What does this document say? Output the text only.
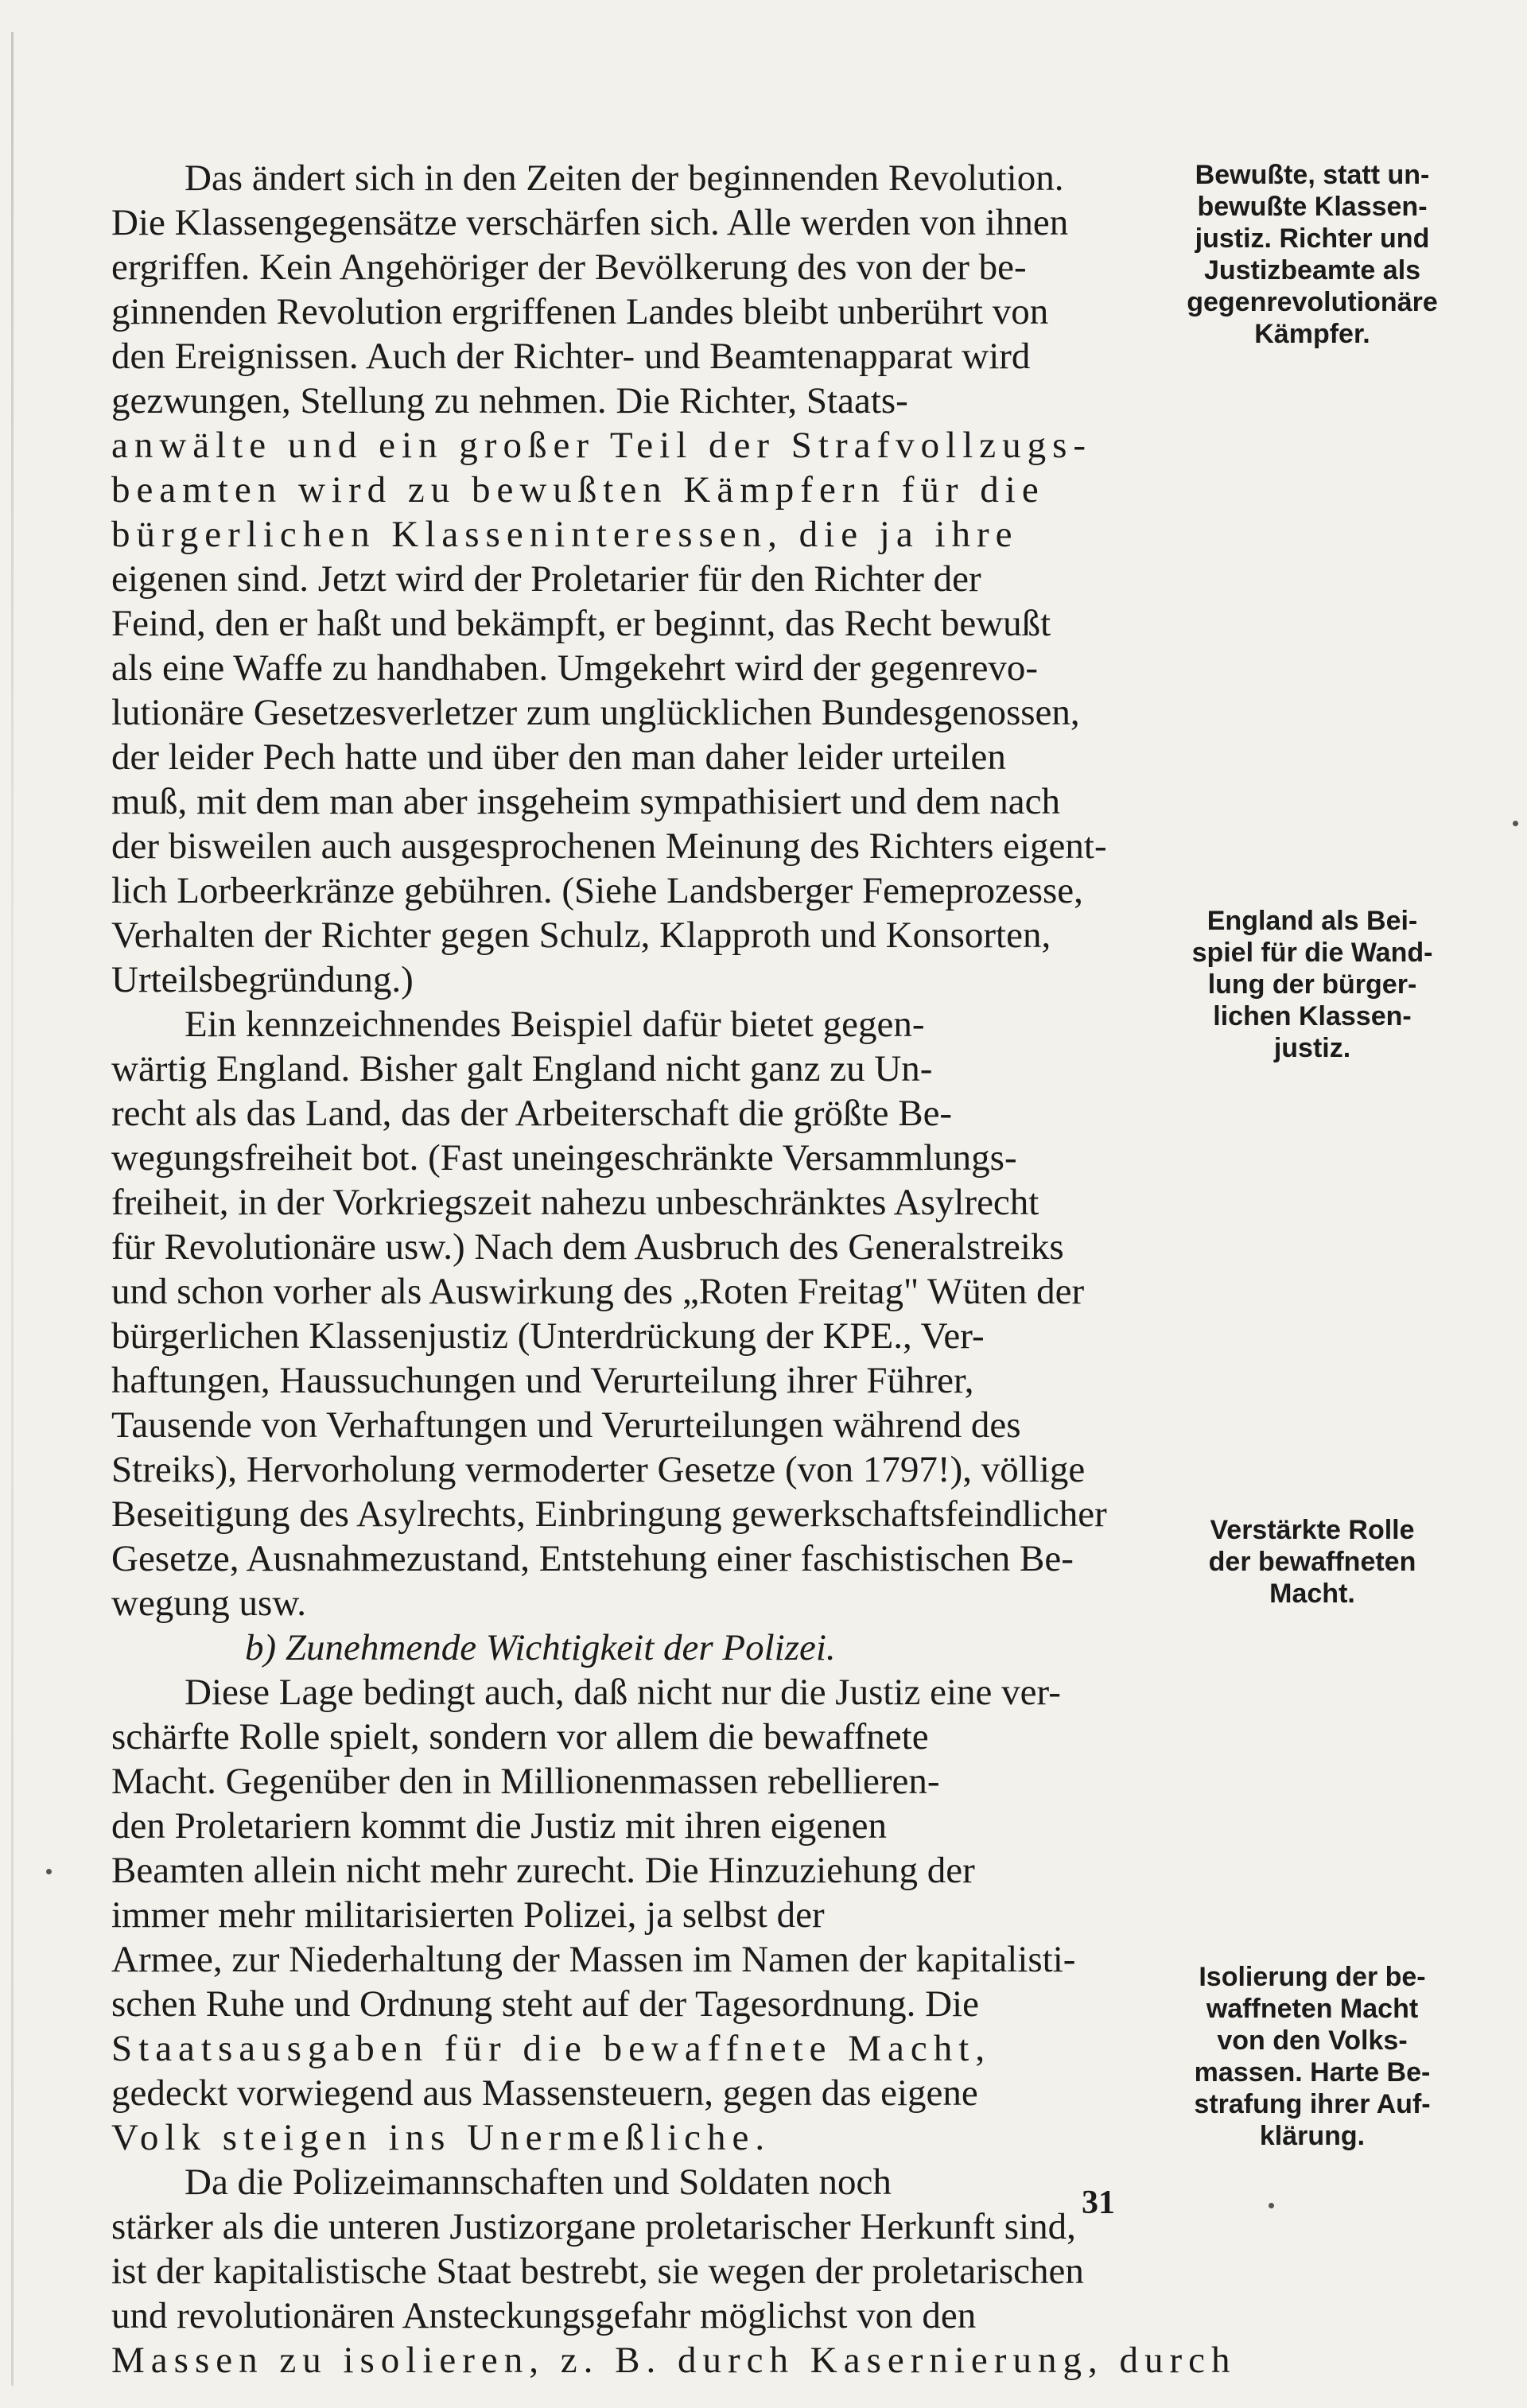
Das ändert sich in den Zeiten der beginnenden Revolution.
Die Klassengegensätze verschärfen sich. Alle werden von ihnen
ergriffen. Kein Angehöriger der Bevölkerung des von der be-
ginnenden Revolution ergriffenen Landes bleibt unberührt von
den Ereignissen. Auch der Richter- und Beamtenapparat wird
gezwungen, Stellung zu nehmen. Die Richter, Staats-
anwälte und ein großer Teil der Strafvollzugs-
beamten wird zu bewußten Kämpfern für die
bürgerlichen Klasseninteressen, die ja ihre
eigenen sind. Jetzt wird der Proletarier für den Richter der
Feind, den er haßt und bekämpft, er beginnt, das Recht bewußt
als eine Waffe zu handhaben. Umgekehrt wird der gegenrevo-
lutionäre Gesetzesverletzer zum unglücklichen Bundesgenossen,
der leider Pech hatte und über den man daher leider urteilen
muß, mit dem man aber insgeheim sympathisiert und dem nach
der bisweilen auch ausgesprochenen Meinung des Richters eigent-
lich Lorbeerkränze gebühren. (Siehe Landsberger Femeprozesse,
Verhalten der Richter gegen Schulz, Klapproth und Konsorten,
Urteilsbegründung.)
Ein kennzeichnendes Beispiel dafür bietet gegen-
wärtig England. Bisher galt England nicht ganz zu Un-
recht als das Land, das der Arbeiterschaft die größte Be-
wegungsfreiheit bot. (Fast uneingeschränkte Versammlungs-
freiheit, in der Vorkriegszeit nahezu unbeschränktes Asylrecht
für Revolutionäre usw.) Nach dem Ausbruch des Generalstreiks
und schon vorher als Auswirkung des „Roten Freitag" Wüten der
bürgerlichen Klassenjustiz (Unterdrückung der KPE., Ver-
haftungen, Haussuchungen und Verurteilung ihrer Führer,
Tausende von Verhaftungen und Verurteilungen während des
Streiks), Hervorholung vermoderter Gesetze (von 1797!), völlige
Beseitigung des Asylrechts, Einbringung gewerkschaftsfeindlicher
Gesetze, Ausnahmezustand, Entstehung einer faschistischen Be-
wegung usw.
b) Zunehmende Wichtigkeit der Polizei.
Diese Lage bedingt auch, daß nicht nur die Justiz eine ver-
schärfte Rolle spielt, sondern vor allem die bewaffnete
Macht. Gegenüber den in Millionenmassen rebellieren-
den Proletariern kommt die Justiz mit ihren eigenen
Beamten allein nicht mehr zurecht. Die Hinzuziehung der
immer mehr militarisierten Polizei, ja selbst der
Armee, zur Niederhaltung der Massen im Namen der kapitalisti-
schen Ruhe und Ordnung steht auf der Tagesordnung. Die
Staatsausgaben für die bewaffnete Macht,
gedeckt vorwiegend aus Massensteuern, gegen das eigene
Volk steigen ins Unermeßliche.
Da die Polizeimannschaften und Soldaten noch
stärker als die unteren Justizorgane proletarischer Herkunft sind,
ist der kapitalistische Staat bestrebt, sie wegen der proletarischen
und revolutionären Ansteckungsgefahr möglichst von den
Massen zu isolieren, z. B. durch Kasernierung, durch
Bewußte, statt un-
bewußte Klassen-
justiz. Richter und
Justizbeamte als
gegenrevolutionäre
Kämpfer.
England als Bei-
spiel für die Wand-
lung der bürger-
lichen Klassen-
justiz.
Verstärkte Rolle
der bewaffneten
Macht.
Isolierung der be-
waffneten Macht
von den Volks-
massen. Harte Be-
strafung ihrer Auf-
klärung.
31
